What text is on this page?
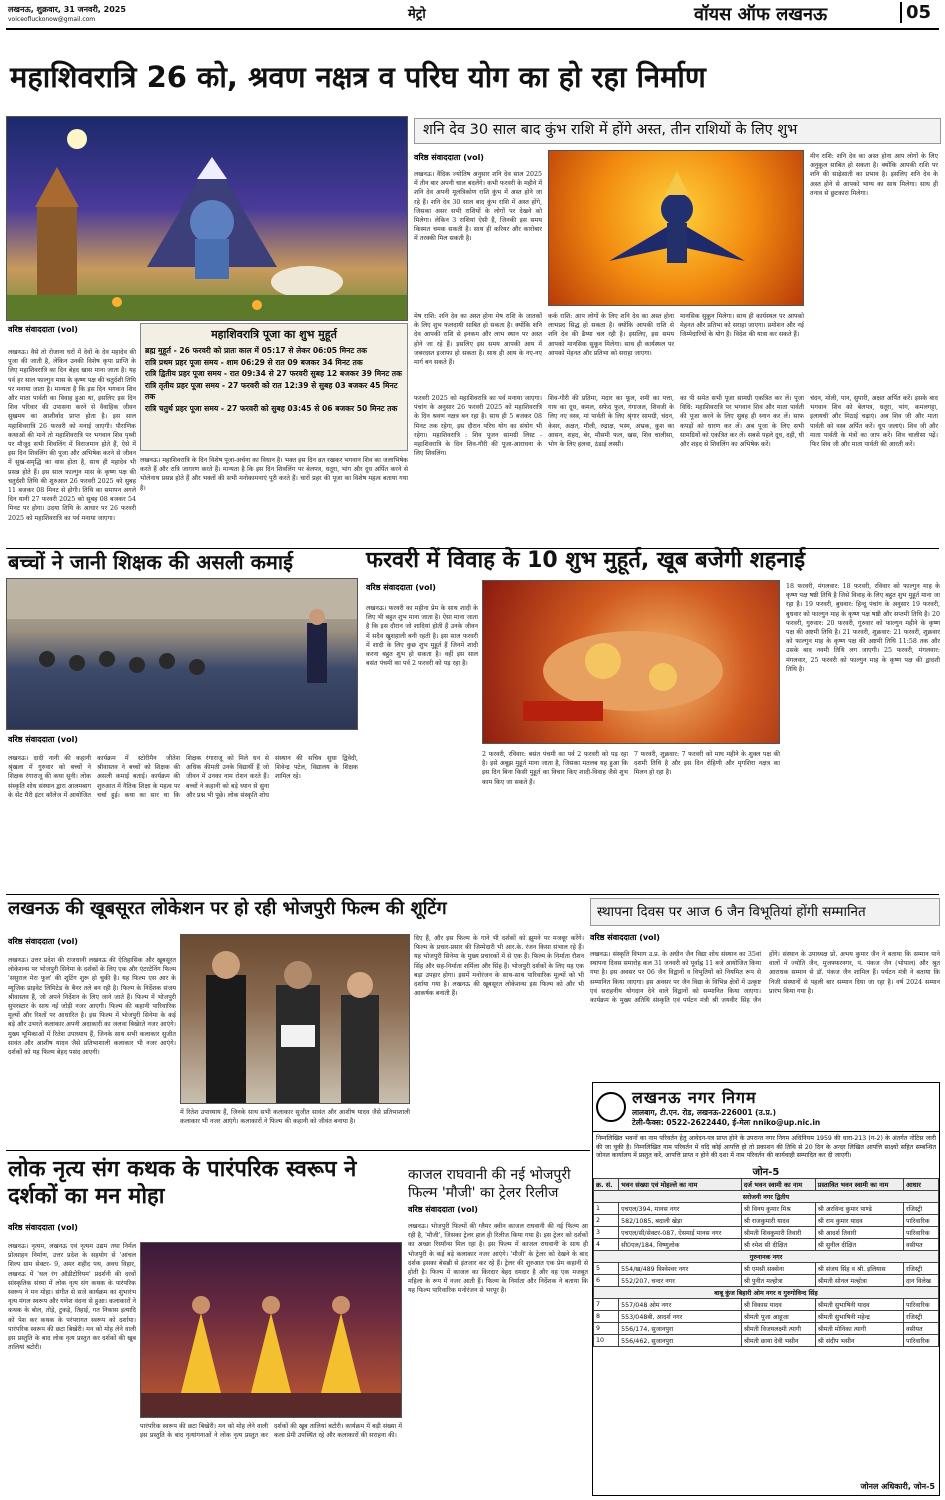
लखनऊ, शुक्रवार, 31 जनवरी, 2025
voiceofluckonow@gmail.com	मेट्रो	वॉयस ऑफ लखनऊ	05
महाशिवरात्रि 26 को, श्रवण नक्षत्र व परिघ योग का हो रहा निर्माण
वरिष्ठ संवाददाता (vol)
लखनऊ। वैसे तो रोजाना घरों में देवों के देव महादेव की पूजा की जाती है, लेकिन उनकी विशेष कृपा प्राप्ति के लिए महाशिवरात्रि का दिन बेहद खास माना जाता है। यह पर्व हर साल फाल्गुन मास के कृष्ण पक्ष की चतुर्दशी तिथि पर मनाया जाता है। मान्यता है कि इस दिन भगवान शिव और माता पार्वती का विवाह हुआ था, इसलिए इस दिन शिव परिवार की उपासना करने से वैवाहिक जीवन सुखमय का आशीर्वाद प्राप्त होता है। इस साल महाशिवरात्रि 26 फरवरी को मनाई जाएगी। पौराणिक कथाओं की मानें तो महाशिवरात्रि पर भगवान शिव पृथ्वी पर मौजूद सभी शिवलिंग में विराजमान होते हैं, ऐसे में इस दिन शिवलिंग की पूजा और अभिषेक करने से जीवन में सुख-समृद्धि का वास होता है, साथ ही महादेव भी प्रसन्न होते हैं। इस साल फाल्गुन मास के कृष्ण पक्ष की चतुर्दशी तिथि की शुरुआत 26 फरवरी 2025 को सुबह 11 बजकर 08 मिनट से होगी। तिथि का समापन अगले दिन यानी 27 फरवरी 2025 को सुबह 08 बजकर 54 मिनट पर होगा। उदया तिथि के आधार पर 26 फरवरी 2025 को महाशिवरात्रि का पर्व मनाया जाएगा।
महाशिवरात्रि पूजा का शुभ मुहूर्त
ब्रह्म मुहूर्त - 26 फरवरी को प्रातः काल में 05:17 से लेकर 06:05 मिनट तक
रात्रि प्रथम प्रहर पूजा समय - शाम 06:29 से रात 09 बजकर 34 मिनट तक
रात्रि द्वितीय प्रहर पूजा समय - रात 09:34 से 27 फरवरी सुबह 12 बजकर 39 मिनट तक
रात्रि तृतीय प्रहर पूजा समय - 27 फरवरी को रात 12:39 से सुबह 03 बजकर 45 मिनट तक
रात्रि चतुर्थ प्रहर पूजा समय - 27 फरवरी को सुबह 03:45 से 06 बजकर 50 मिनट तक
लखनऊ। महाशिवरात्रि के दिन विशेष पूजा-अर्चना का विधान है। भक्त इस दिन व्रत रखकर भगवान शिव का जलाभिषेक करते हैं और रात्रि जागरण करते हैं। मान्यता है कि इस दिन शिवलिंग पर बेलपत्र, धतूरा, भांग और दूध अर्पित करने से भोलेनाथ प्रसन्न होते हैं और भक्तों की सभी मनोकामनाएं पूरी करते हैं। चारों प्रहर की पूजा का विशेष महत्व बताया गया है।
शनि देव 30 साल बाद कुंभ राशि में होंगे अस्त, तीन राशियों के लिए शुभ
वरिष्ठ संवाददाता (vol)
लखनऊ। वैदिक ज्योतिष अनुसार शनि देव साल 2025 में तीन बार अपनी चाल बदलेंगे। कभी फरवरी के महीने में शनि देव अपनी मूलत्रिकोण राशि कुंभ में अस्त होने जा रहे हैं। शनि देव 30 साल बाद कुंभ राशि में अस्त होंगे, जिसका असर सभी राशियों के लोगों पर देखने को मिलेगा। लेकिन 3 राशियां ऐसी हैं, जिनकी इस समय किस्मत चमक सकती है। साथ ही करियर और कारोबार में तरक्की मिल सकती है।
मेष राशि: शनि देव का अस्त होना मेष राशि के जातकों के लिए शुभ फलदायी साबित हो सकता है। क्योंकि शनि देव आपकी राशि से इनकम और लाभ स्थान पर अस्त होने जा रहे हैं। इसलिए इस समय आपकी आय में जबरदस्त इजाफा हो सकता है। साथ ही आय के नए-नए मार्ग बन सकते हैं।
कर्क राशि: आप लोगों के लिए शनि देव का अस्त होना लाभप्रद सिद्ध हो सकता है। क्योंकि आपकी राशि से शनि देव की ढैय्या चल रही है। इसलिए, इस समय आपको मानसिक सुकून मिलेगा। साथ ही कार्यस्थल पर आपको मेहनत और प्रतिभा को सराहा जाएगा।
मानसिक सुकून मिलेगा। साथ ही कार्यस्थल पर आपको मेहनत और प्रतिभा को सराहा जाएगा। प्रमोशन और नई जिम्मेदारियों के योग हैं। विदेश की यात्रा कर सकते हैं।
मीन राशि: शनि देव का अस्त होना आप लोगों के लिए अनुकूल साबित हो सकता है। क्योंकि आपकी राशि पर शनि की साढ़ेसाती का प्रभाव है। इसलिए शनि देव के अस्त होने से आपको भाग्य का साथ मिलेगा। साथ ही तनाव से छुटकारा मिलेगा।
फरवरी 2025 को महाशिवरात्रि का पर्व मनाया जाएगा। पंचांग के अनुसार 26 फरवरी 2025 को महाशिवरात्रि के दिन श्रवण नक्षत्र बन रहा है। साथ ही 5 बजकर 08 मिनट तक रहेगा, इस दौरान परिघ योग का संयोग भी रहेगा। महाशिवरात्रि : शिव पूजन सामग्री लिस्ट - महाशिवरात्रि के दिन शिव-गौरी की पूजा-आराधना के लिए शिवलिंग।
शिव-गौरी की प्रतिमा, मदार का फूल, शमी का पत्ता, गाय का दूध, कमल, सफेद फूल, गंगाजल, शिवजी के लिए नए वस्त्र, मां पार्वती के लिए श्रृंगार सामग्री, चंदन, केसर, अक्षत, मौली, रुद्राक्ष, भस्म, अभ्रक, कुश का आसन, शहद, बेर, मौसमी फल, खस, शिव चालीसा, भोग के लिए हलवा, ठंडाई लस्सी।
का पी समेत सभी पूजा सामग्री एकत्रित कर लें। पूजा विधि: महाशिवरात्रि पर भगवान शिव और माता पार्वती की पूजा करने के लिए सुबह ही स्नान कर लें। साफ कपड़ों को धारण कर लें। अब पूजा के लिए सभी सामग्रियों को एकत्रित कर लें। सबसे पहले दूध, दही, घी और शहद से शिवलिंग का अभिषेक करें।
चंदन, मोली, पान, सुपारी, अक्षत अर्पित करें। इसके बाद भगवान शिव को बेलपत्र, धतूरा, भांग, कमलगट्टा, इलायची और मिठाई चढ़ाएं। अब शिव जी और माता पार्वती को वस्त्र अर्पित करें। धूप जलाएं। शिव जी और माता पार्वती के मंत्रों का जाप करें। शिव चालीसा पढ़ें। फिर शिव जी और माता पार्वती की आरती करें।
बच्चों ने जानी शिक्षक की असली कमाई
वरिष्ठ संवाददाता (vol)
लखनऊ। दादी नानी की कहानी श्रृंखला में गुरुवार को बच्चों ने शिक्षक रंगाराजू की कथा सुनी। लोक संस्कृति शोध संस्थान द्वारा आलमबाग के सेंट मैरी इंटर कॉलेज में आयोजित कार्यक्रम में स्टोरीमैन जीतेश श्रीवास्तव ने बच्चों को शिक्षक की असली कमाई बताई। कार्यक्रम की शुरुआत में नैतिक शिक्षा के महत्व पर चर्चा हुई। कथा का सार था कि शिक्षक रंगाराजू को मिले धन से अधिक कीमती उनके विद्यार्थी हैं जो जीवन में उनका नाम रोशन करते हैं। बच्चों ने कहानी को बड़े ध्यान से सुना और प्रश्न भी पूछे। लोक संस्कृति शोध संस्थान की सचिव सुधा द्विवेदी, शिवेन्द्र पटेल, विद्यालय के शिक्षक शामिल रहे।
फरवरी में विवाह के 10 शुभ मुहूर्त, खूब बजेगी शहनाई
वरिष्ठ संवाददाता (vol)
लखनऊ। फरवरी का महीना प्रेम के साथ शादी के लिए भी बहुत शुभ माना जाता है। ऐसा माना जाता है कि इस दौरान जो शादियां होती हैं उनके जीवन में सदैव खुशहाली बनी रहती है। इस साल फरवरी में शादी के लिए कुछ शुभ मुहूर्त हैं जिनमें शादी करना बहुत शुभ हो सकता है। वहीं इस साल बसंत पंचमी का पर्व 2 फरवरी को पड़ रहा है।
2 फरवरी, रविवार: बसंत पंचमी का पर्व 2 फरवरी को पड़ रहा है। इसे अबूझ मुहूर्त माना जाता है, जिसका मतलब यह हुआ कि इस दिन बिना किसी मुहूर्त का विचार किए शादी-विवाह जैसे शुभ काम किए जा सकते हैं।
7 फरवरी, शुक्रवार: 7 फरवरी को माघ महीने के शुक्ल पक्ष की दशमी तिथि है और इस दिन रोहिणी और मृगशिरा नक्षत्र का मिलन हो रहा है।
18 फरवरी, मंगलवार: 18 फरवरी, रविवार को फाल्गुन माह के कृष्ण पक्ष षष्ठी तिथि है जिसे विवाह के लिए बहुत शुभ मुहूर्त माना जा रहा है। 19 फरवरी, बुधवार: हिन्दू पंचांग के अनुसार 19 फरवरी, बुधवार को फाल्गुन माह के कृष्ण पक्ष षष्ठी और सप्तमी तिथि है। 20 फरवरी, गुरुवार: 20 फरवरी, गुरुवार को फाल्गुन महीने के कृष्ण पक्ष की अष्टमी तिथि है। 21 फरवरी, शुक्रवार: 21 फरवरी, शुक्रवार को फाल्गुन माह के कृष्ण पक्ष की अष्टमी तिथि 11:58 तक और उसके बाद नवमी तिथि लग जाएगी। 25 फरवरी, मंगलवार: मंगलवार, 25 फरवरी को फाल्गुन माह के कृष्ण पक्ष की द्वादशी तिथि है।
लखनऊ की खूबसूरत लोकेशन पर हो रही भोजपुरी फिल्म की शूटिंग
वरिष्ठ संवाददाता (vol)
लखनऊ। उत्तर प्रदेश की राजधानी लखनऊ की ऐतिहासिक और खूबसूरत लोकेशन्स पर भोजपुरी सिनेमा के दर्शकों के लिए एक और एंटरटेनिंग फिल्म 'ससुराल मेरा फूल' की शूटिंग शुरू हो चुकी है। यह फिल्म एस आर के म्यूजिक प्राइवेट लिमिटेड के बैनर तले बन रही है। फिल्म के निर्देशक संजय श्रीवास्तव हैं, जो अपने निर्देशन के लिए जाने जाते हैं। फिल्म में भोजपुरी सुपरस्टार के साथ नई जोड़ी नजर आएगी। फिल्म की कहानी पारिवारिक मूल्यों और रिश्तों पर आधारित है। इस फिल्म में भोजपुरी सिनेमा के कई बड़े और उभरते कलाकार अपनी अदाकारी का जलवा बिखेरते नजर आएंगे। मुख्य भूमिकाओं में रितेश उपाध्याय हैं, जिनके साथ सभी कलाकार सुजीत सावंत और आशीष यादव जैसे प्रतिभाशाली कलाकार भी नजर आएंगे। दर्शकों को यह फिल्म बेहद पसंद आएगी।
में रितेश उपाध्याय हैं, जिनके साथ सभी कलाकार सुजीत सावंत और आशीष यादव जैसे प्रतिभाशाली कलाकार भी नजर आएंगे। कलाकारों ने फिल्म की कहानी को जीवंत बनाया है।
दिए हैं, और इस फिल्म के गाने भी दर्शकों को झूमने पर मजबूर करेंगे। फिल्म के प्रचार-प्रसार की जिम्मेदारी भी आर.के. रंजन किसा संभाल रहे हैं। यह भोजपुरी सिनेमा के मुख्य प्रचारकों में से एक हैं। फिल्म के निर्माता रौशन सिंह और सह-निर्माता शर्मिला और सिंह हैं। भोजपुरी दर्शकों के लिए यह एक बड़ा उपहार होगा। इसमें मनोरंजन के साथ-साथ पारिवारिक मूल्यों को भी दर्शाया गया है। लखनऊ की खूबसूरत लोकेशन्स इस फिल्म को और भी आकर्षक बनाती हैं।
स्थापना दिवस पर आज 6 जैन विभूतियां होंगी सम्मानित
वरिष्ठ संवाददाता (vol)
लखनऊ। संस्कृति विभाग उ.प्र. के अधीन जैन विद्या शोध संस्थान का 35वां स्थापना दिवस समारोह कल 31 जनवरी को पूर्वाह्न 11 बजे आयोजित किया गया है। इस अवसर पर 06 जैन विद्वानों व विभूतियों को नियमित रूप से सम्मानित किया जाएगा। इस अवसर पर जैन विद्या के विभिन्न क्षेत्रों में उत्कृष्ट एवं सराहनीय योगदान देने वाले विद्वानों को सम्मानित किया जाएगा। कार्यक्रम के मुख्य अतिथि संस्कृति एवं पर्यटन मंत्री श्री जयवीर सिंह जैन होंगे। संस्थान के उपाध्यक्ष प्रो. अभय कुमार जैन ने बताया कि सम्मान पाने वालों में ज्योति जैन, मुजफ्फरनगर, पं. पंकज जैन (भोपाल) और श्रुत आराधक सम्मान से डॉ. पंकज जैन शामिल हैं। पर्यटन मंत्री ने बताया कि निजी संस्थानों से पहली बार सम्मान दिया जा रहा है। वर्ष 2024 सम्मान प्रारंभ किया गया है।
लोक नृत्य संग कथक के पारंपरिक स्वरूप ने दर्शकों का मन मोहा
वरिष्ठ संवाददाता (vol)
लखनऊ। नृत्यम, लखनऊ एवं नृत्यम उद्यम तथा निर्मल प्रोत्साहन निर्माण, उत्तर प्रदेश के सहयोग से 'आंचल शिल्प ग्राम सेक्टर- 9, अमर शहीद पथ, अवध विहार, लखनऊ में 'थल रंग ऑडीटोरियम' प्रदर्शनी की दरवों सांस्कृतिक संध्या में लोक नृत्य संग कथक के पारंपरिक स्वरूप ने मन मोहा। संगीत से सजे कार्यक्रम का शुभारंभ नृत्य मंगल स्वरूप और गणेश वंदना से हुआ। कलाकारों ने कथक के बोल, तोड़े, टुकड़े, तिहाई, गत निकास इत्यादि को पेश कर कथक के परंपरागत स्वरूप को दर्शाया। पारंपरिक स्वरूप की छटा बिखेरी। मन को मोह लेने वाली इस प्रस्तुति के बाद लोक नृत्य प्रस्तुत कर दर्शकों की खूब तालियां बटोरी।
पारंपरिक स्वरूप की छटा बिखेरी। मन को मोह लेने वाली इस प्रस्तुति के बाद नृत्यांगनाओं ने लोक नृत्य प्रस्तुत कर दर्शकों की खूब तालियां बटोरी। कार्यक्रम में बड़ी संख्या में कला प्रेमी उपस्थित रहे और कलाकारों की सराहना की।
काजल राघवानी की नई भोजपुरी फिल्म 'मौजी' का ट्रेलर रिलीज
वरिष्ठ संवाददाता (vol)
लखनऊ। भोजपुरी फिल्मों की ग्लैमर क्वीन काजल राघवानी की नई फिल्म आ रही है, 'मौजी', जिसका ट्रेलर हाल ही रिलीज किया गया है। इस ट्रेलर को दर्शकों का अच्छा रिस्पॉन्स मिल रहा है। इस फिल्म में काजल राघवानी के साथ ही भोजपुरी के कई बड़े कलाकार नजर आएंगे। 'मौजी' के ट्रेलर को देखने के बाद दर्शक इसका बेसब्री से इंतजार कर रहे हैं। ट्रेलर की शुरुआत एक प्रेम कहानी से होती है। फिल्म में काजल का किरदार बेहद दमदार है और वह एक मजबूत महिला के रूप में नजर आती हैं। फिल्म के निर्माता और निर्देशक ने बताया कि यह फिल्म पारिवारिक मनोरंजन से भरपूर है।
लखनऊ नगर निगम
लालबाग, टी.एन. रोड, लखनऊ-226001 (उ.प्र.)
टेली-फैक्स: 0522-2622440, ई-मेलः nniko@up.nic.in
निम्नलिखित भवनों का नाम परिवर्तन हेतु आवेदन-पत्र प्राप्त होने के उपरान्त नगर निगम अधिनियम 1959 की धारा-213 (ग-2) के अंतर्गत नोटिस जारी की जा चुकी है। निम्नलिखित नाम परिवर्तन में यदि कोई आपत्ति हो तो प्रकाशन की तिथि से 20 दिन के अन्दर लिखित आपत्ति साक्ष्यों सहित सम्बन्धित जोनल कार्यालय में प्रस्तुत करें, आपत्ति प्राप्त न होने की दशा में नाम परिवर्तन की कार्यवाही सम्पादित कर दी जाएगी।
जोन-5
क्र. सं.	भवन संख्या एवं मोहल्ले का नाम	दर्ज भवन स्वामी का नाम	प्रस्तावित भवन स्वामी का नाम	आधार
सरोजनी नगर द्वितीय				
1	एचएल/394, मानस नगर	श्री विनय कुमार मिश्र	श्री अरविन्द कुमार पाण्डे	रजिस्ट्री
2	582/1085, बदाली खेड़ा	श्री राजकुमारी यादव	श्री राम कुमार यादव	पारिवारिक
3	एचएल/सी/सेक्टर-087, ऐसमाई मानस नगर	श्रीमती शिवकुमारी तिवारी	श्री आदर्श तिवारी	पारिवारिक
4	सी0एल/184, विष्णुलोक	श्री रमेश सी दीक्षित	श्री सुनील दीक्षित	वसीयत
गुरुनानक नगर				
5	554/ख/489 विश्वेश्वर नगर	श्री एमसी सक्सेना	श्री संजय सिंह व श्री. इलियास	रजिस्ट्री
6	552/207, चन्दर नगर	श्री पुनीत मल्होत्रा	श्रीमती सोनल मल्होत्रा	दान विलेख
बाबू कुंज बिहारी ओम नगर व गुरुगोविन्द सिंह				
7	557/048 ओम नगर	श्री विकास यादव	श्रीमती सुभाषिनी यादव	पारिवारिक
8	553/048बी, आदर्श नगर	श्रीमती पूजा आहूजा	श्रीमती सुभाषिनी महेन्द्र	रजिस्ट्री
9	556/174, सुजानपुरा	श्रीमती विजयलक्ष्मी त्यागी	श्रीमती मोनिका त्यागी	वसीयत
10	556/462, सुजानपुरा	श्रीमती छाया देवी भसीन	श्री संदीप भसीन	पारिवारिक
जोनल अधिकारी, जोन-5
